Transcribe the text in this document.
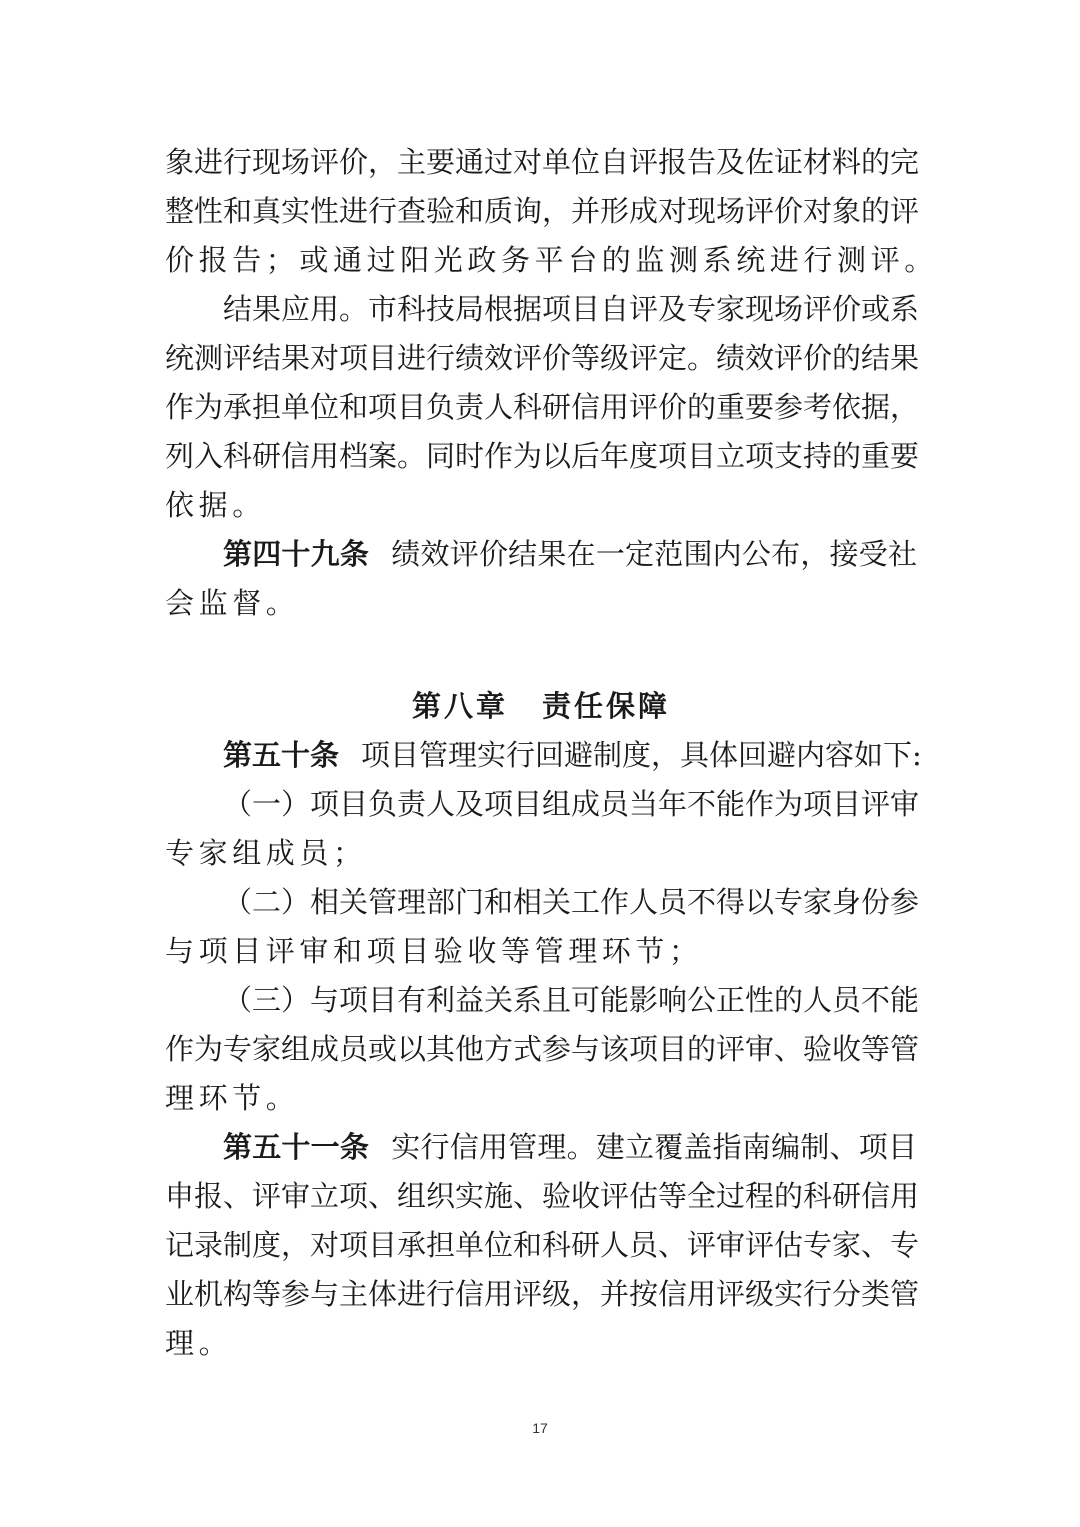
象进行现场评价，主要通过对单位自评报告及佐证材料的完
整性和真实性进行查验和质询，并形成对现场评价对象的评
价报告；或通过阳光政务平台的监测系统进行测评。
结果应用。市科技局根据项目自评及专家现场评价或系
统测评结果对项目进行绩效评价等级评定。绩效评价的结果
作为承担单位和项目负责人科研信用评价的重要参考依据，
列入科研信用档案。同时作为以后年度项目立项支持的重要
依据。
第四十九条 绩效评价结果在一定范围内公布，接受社
会监督。
第八章 责任保障
第五十条 项目管理实行回避制度，具体回避内容如下:
（一）项目负责人及项目组成员当年不能作为项目评审
专家组成员；
（二）相关管理部门和相关工作人员不得以专家身份参
与项目评审和项目验收等管理环节；
（三）与项目有利益关系且可能影响公正性的人员不能
作为专家组成员或以其他方式参与该项目的评审、验收等管
理环节。
第五十一条 实行信用管理。建立覆盖指南编制、项目
申报、评审立项、组织实施、验收评估等全过程的科研信用
记录制度，对项目承担单位和科研人员、评审评估专家、专
业机构等参与主体进行信用评级，并按信用评级实行分类管
理。
17
